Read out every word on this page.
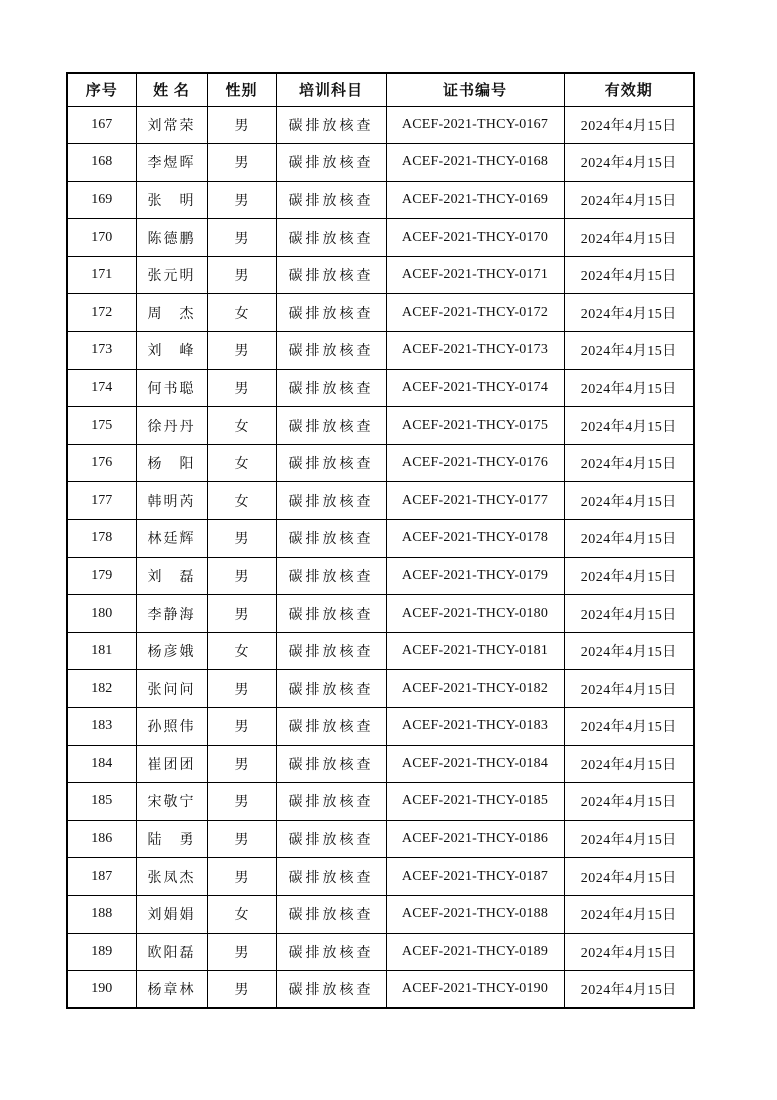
序号	姓 名	性别	培训科目	证书编号	有效期
167	刘常荣	男	碳排放核查	ACEF-2021-THCY-0167	2024年4月15日
168	李煜晖	男	碳排放核查	ACEF-2021-THCY-0168	2024年4月15日
169	张　明	男	碳排放核查	ACEF-2021-THCY-0169	2024年4月15日
170	陈德鹏	男	碳排放核查	ACEF-2021-THCY-0170	2024年4月15日
171	张元明	男	碳排放核查	ACEF-2021-THCY-0171	2024年4月15日
172	周　杰	女	碳排放核查	ACEF-2021-THCY-0172	2024年4月15日
173	刘　峰	男	碳排放核查	ACEF-2021-THCY-0173	2024年4月15日
174	何书聪	男	碳排放核查	ACEF-2021-THCY-0174	2024年4月15日
175	徐丹丹	女	碳排放核查	ACEF-2021-THCY-0175	2024年4月15日
176	杨　阳	女	碳排放核查	ACEF-2021-THCY-0176	2024年4月15日
177	韩明芮	女	碳排放核查	ACEF-2021-THCY-0177	2024年4月15日
178	林廷辉	男	碳排放核查	ACEF-2021-THCY-0178	2024年4月15日
179	刘　磊	男	碳排放核查	ACEF-2021-THCY-0179	2024年4月15日
180	李静海	男	碳排放核查	ACEF-2021-THCY-0180	2024年4月15日
181	杨彦娥	女	碳排放核查	ACEF-2021-THCY-0181	2024年4月15日
182	张问问	男	碳排放核查	ACEF-2021-THCY-0182	2024年4月15日
183	孙照伟	男	碳排放核查	ACEF-2021-THCY-0183	2024年4月15日
184	崔团团	男	碳排放核查	ACEF-2021-THCY-0184	2024年4月15日
185	宋敬宁	男	碳排放核查	ACEF-2021-THCY-0185	2024年4月15日
186	陆　勇	男	碳排放核查	ACEF-2021-THCY-0186	2024年4月15日
187	张凤杰	男	碳排放核查	ACEF-2021-THCY-0187	2024年4月15日
188	刘娟娟	女	碳排放核查	ACEF-2021-THCY-0188	2024年4月15日
189	欧阳磊	男	碳排放核查	ACEF-2021-THCY-0189	2024年4月15日
190	杨章林	男	碳排放核查	ACEF-2021-THCY-0190	2024年4月15日
